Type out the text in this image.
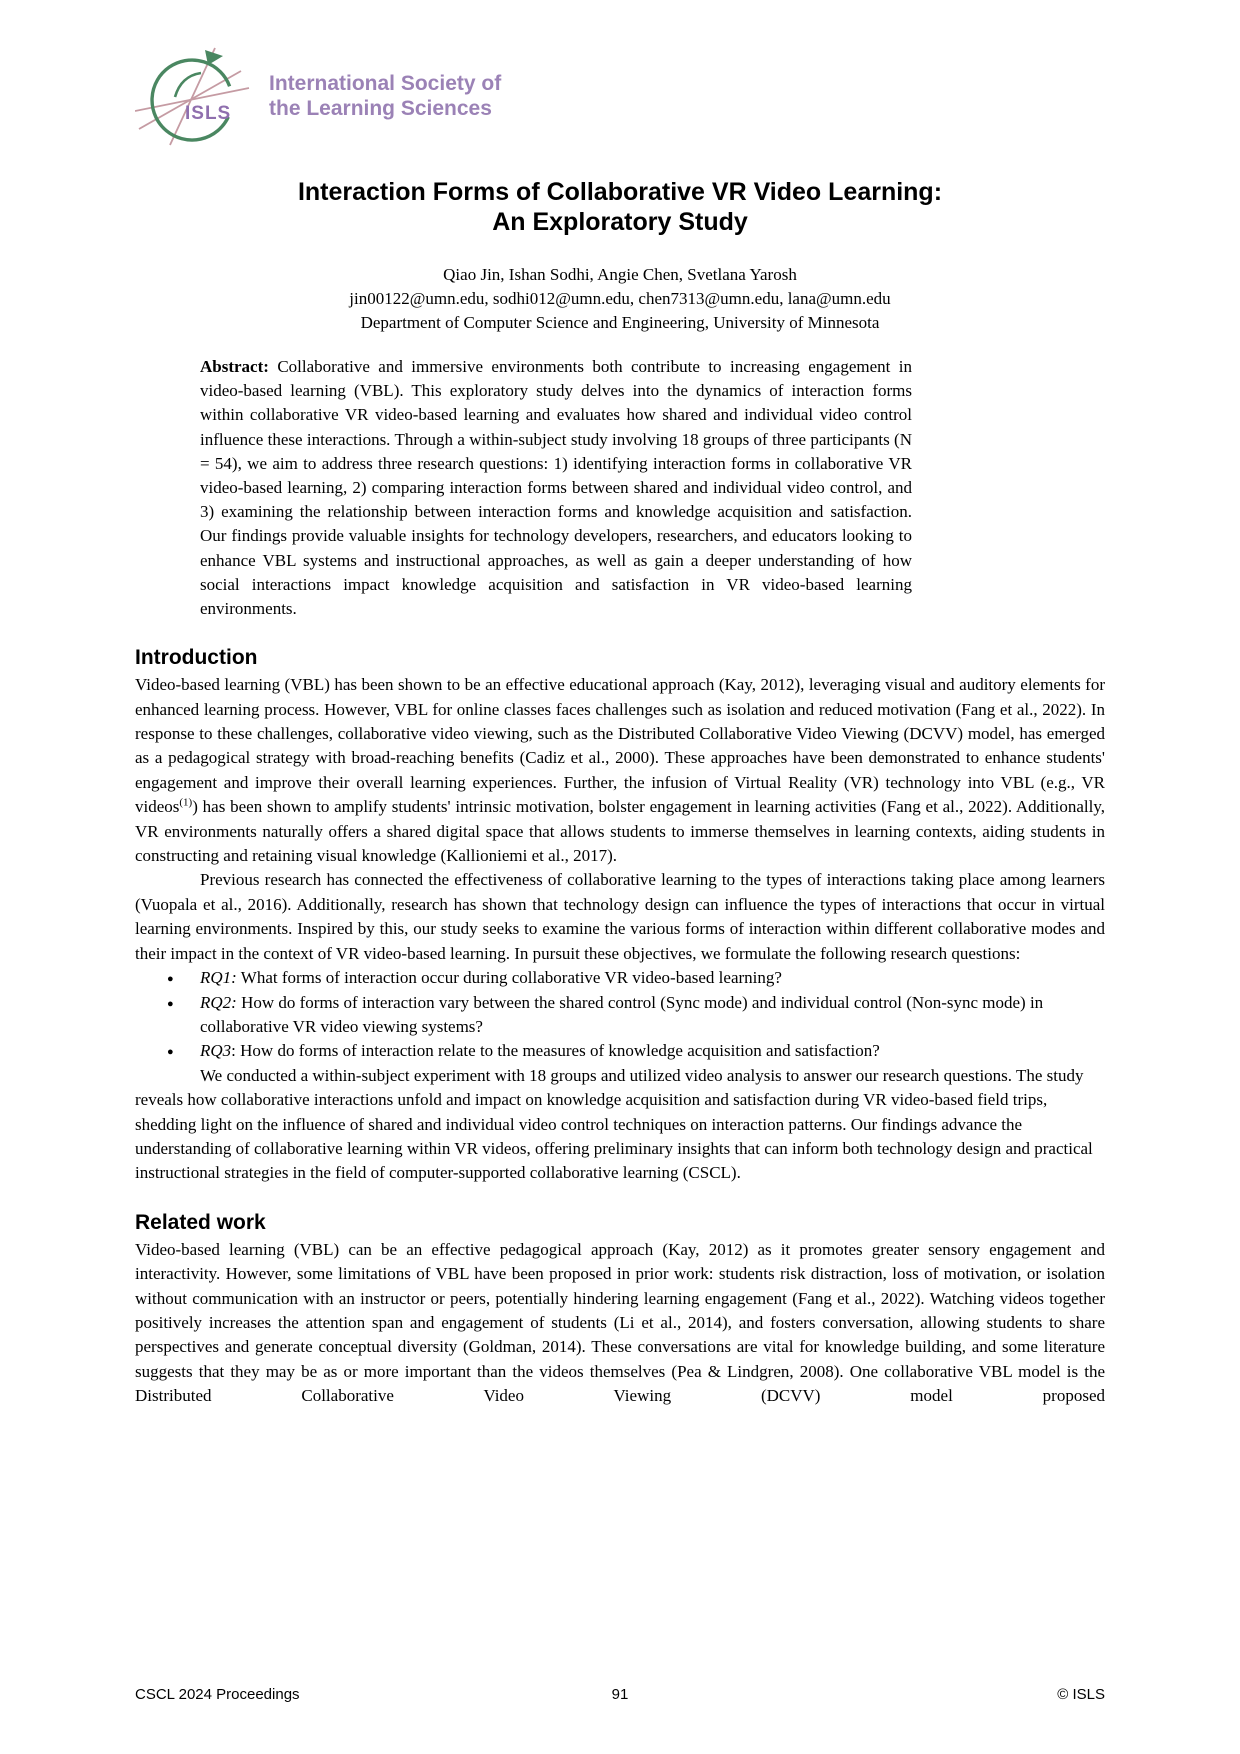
ISLS
International Society of
the Learning Sciences
Interaction Forms of Collaborative VR Video Learning:
An Exploratory Study
Qiao Jin, Ishan Sodhi, Angie Chen, Svetlana Yarosh
jin00122@umn.edu, sodhi012@umn.edu, chen7313@umn.edu, lana@umn.edu
Department of Computer Science and Engineering, University of Minnesota

Abstract: Collaborative and immersive environments both contribute to increasing engagement in video-based learning (VBL). This exploratory study delves into the dynamics of interaction forms within collaborative VR video-based learning and evaluates how shared and individual video control influence these interactions. Through a within-subject study involving 18 groups of three participants (N = 54), we aim to address three research questions: 1) identifying interaction forms in collaborative VR video-based learning, 2) comparing interaction forms between shared and individual video control, and 3) examining the relationship between interaction forms and knowledge acquisition and satisfaction. Our findings provide valuable insights for technology developers, researchers, and educators looking to enhance VBL systems and instructional approaches, as well as gain a deeper understanding of how social interactions impact knowledge acquisition and satisfaction in VR video-based learning environments.

Introduction

Video-based learning (VBL) has been shown to be an effective educational approach (Kay, 2012), leveraging visual and auditory elements for enhanced learning process. However, VBL for online classes faces challenges such as isolation and reduced motivation (Fang et al., 2022). In response to these challenges, collaborative video viewing, such as the Distributed Collaborative Video Viewing (DCVV) model, has emerged as a pedagogical strategy with broad-reaching benefits (Cadiz et al., 2000). These approaches have been demonstrated to enhance students' engagement and improve their overall learning experiences. Further, the infusion of Virtual Reality (VR) technology into VBL (e.g., VR videos$^{(1)}$) has been shown to amplify students' intrinsic motivation, bolster engagement in learning activities (Fang et al., 2022). Additionally, VR environments naturally offers a shared digital space that allows students to immerse themselves in learning contexts, aiding students in constructing and retaining visual knowledge (Kallioniemi et al., 2017).

Previous research has connected the effectiveness of collaborative learning to the types of interactions taking place among learners (Vuopala et al., 2016). Additionally, research has shown that technology design can influence the types of interactions that occur in virtual learning environments. Inspired by this, our study seeks to examine the various forms of interaction within different collaborative modes and their impact in the context of VR video-based learning. In pursuit these objectives, we formulate the following research questions:

● RQ1: What forms of interaction occur during collaborative VR video-based learning?
● RQ2: How do forms of interaction vary between the shared control (Sync mode) and individual control (Non-sync mode) in collaborative VR video viewing systems?
● RQ3: How do forms of interaction relate to the measures of knowledge acquisition and satisfaction?

We conducted a within-subject experiment with 18 groups and utilized video analysis to answer our research questions. The study reveals how collaborative interactions unfold and impact on knowledge acquisition and satisfaction during VR video-based field trips, shedding light on the influence of shared and individual video control techniques on interaction patterns. Our findings advance the understanding of collaborative learning within VR videos, offering preliminary insights that can inform both technology design and practical instructional strategies in the field of computer-supported collaborative learning (CSCL).

Related work

Video-based learning (VBL) can be an effective pedagogical approach (Kay, 2012) as it promotes greater sensory engagement and interactivity. However, some limitations of VBL have been proposed in prior work: students risk distraction, loss of motivation, or isolation without communication with an instructor or peers, potentially hindering learning engagement (Fang et al., 2022). Watching videos together positively increases the attention span and engagement of students (Li et al., 2014), and fosters conversation, allowing students to share perspectives and generate conceptual diversity (Goldman, 2014). These conversations are vital for knowledge building, and some literature suggests that they may be as or more important than the videos themselves (Pea & Lindgren, 2008). One collaborative VBL model is the Distributed Collaborative Video Viewing (DCVV) model proposed

CSCL 2024 Proceedings	91	© ISLS
